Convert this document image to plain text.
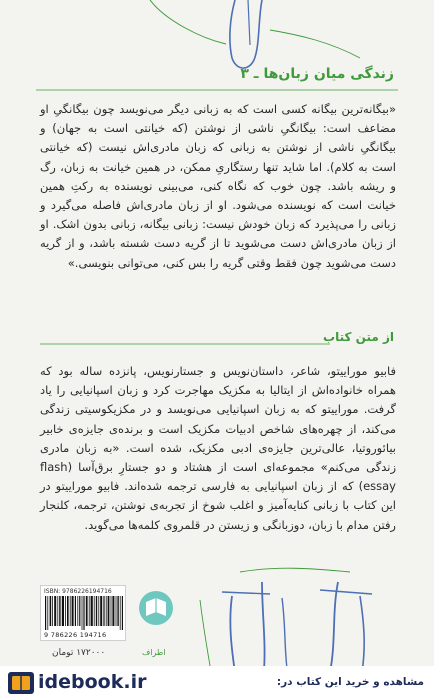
زندگی میان زبان‌ها ـ ۳

«بیگانه‌ترین بیگانه کسی است که به زبانی دیگر می‌نویسد چون بیگانگیِ او مضاعف است: بیگانگیِ ناشی از نوشتن (که خیانتی است به جهان) و بیگانگیِ ناشی از نوشتن به زبانی که زبان مادری‌اش نیست (که خیانتی است به کلام). اما شاید تنها رستگاریِ ممکن، در همین خیانت به زبان، رگ و ریشه باشد. چون خوب که نگاه کنی، می‌بینی نویسنده به رکتِ همین خیانت است که نویسنده می‌شود. او از زبان مادری‌اش فاصله می‌گیرد و زبانی را می‌پذیرد که زبان خودش نیست: زبانی بیگانه، زبانی بدون اشک. او از زبان مادری‌اش دست می‌شوید تا از گریه دست شسته باشد، و از گریه دست می‌شوید چون فقط وقتی گریه را بس کنی، می‌توانی بنویسی.»

از متن کتاب
فابیو موراییتو، شاعر، داستان‌نویس و جستارنویس، پانزده ساله بود که همراه خانواده‌اش از ایتالیا به مکزیک مهاجرت کرد و زبان اسپانیایی را یاد گرفت. موراییتو که به زبان اسپانیایی می‌نویسد و در مکزیکوسیتی زندگی می‌کند، از چهره‌های شاخص ادبیات مکزیک است و برنده‌ی جایزه‌ی خابیر بیائوروتیا، عالی‌ترین جایزه‌ی ادبی مکزیک، شده است. «به زبان مادری زندگی می‌کنم» مجموعه‌ای است از هشتاد و دو جستارِ برق‌آسا (flash essay) که از زبان اسپانیایی به فارسی ترجمه شده‌اند. فابیو موراییتو در این کتاب با زبانی کنایه‌آمیز و اغلب شوخ از تجربه‌ی نوشتن، ترجمه، کلنجار رفتن مدام با زبان، دوزبانگی و زیستن در قلمروی کلمه‌ها می‌گوید.
ISBN: 9786226194716
9 786226 194716
۱۷۲۰۰۰ تومان	اطراف
idebook.ir	مشاهده و خرید این کتاب در:
